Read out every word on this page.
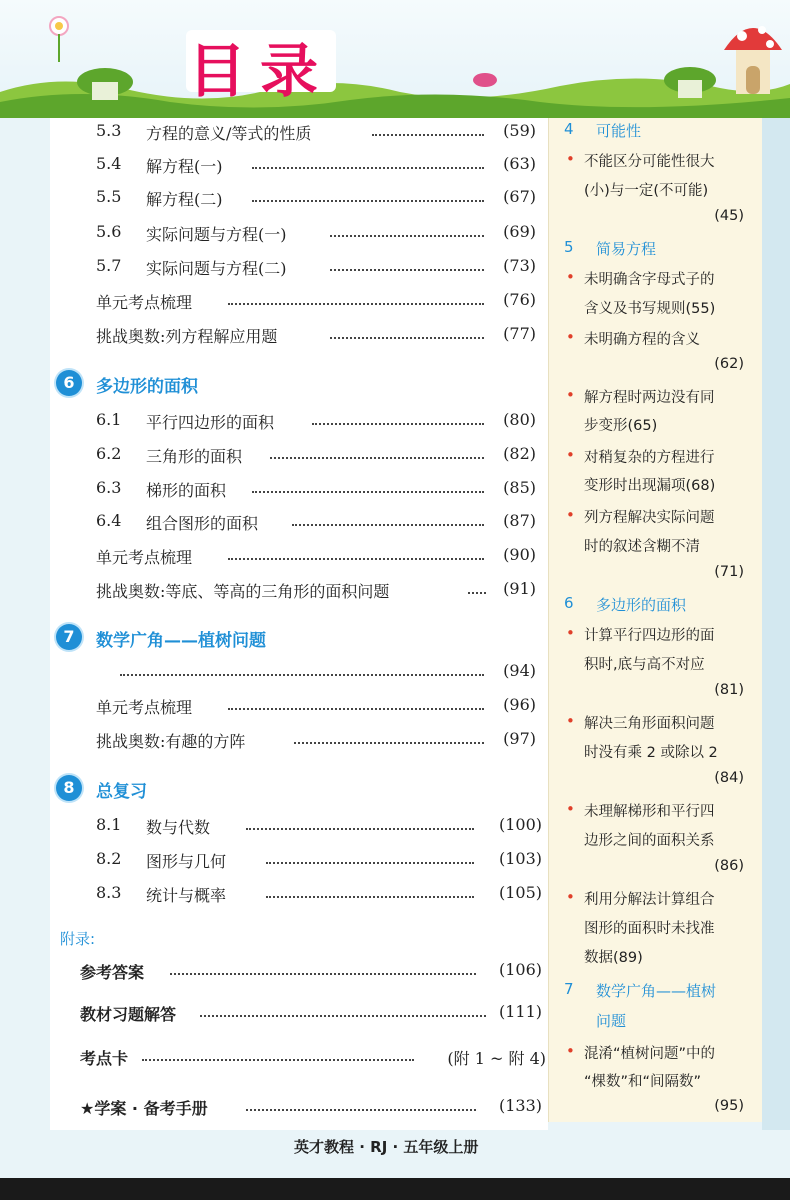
目录
5.3 方程的意义/等式的性质	(59)
5.4 解方程(一)	(63)
5.5 解方程(二)	(67)
5.6 实际问题与方程(一)	(69)
5.7 实际问题与方程(二)	(73)
单元考点梳理	(76)
挑战奥数:列方程解应用题	(77)
6	多边形的面积
6.1 平行四边形的面积	(80)
6.2 三角形的面积	(82)
6.3 梯形的面积	(85)
6.4 组合图形的面积	(87)
单元考点梳理	(90)
挑战奥数:等底、等高的三角形的面积问题	(91)
7	数学广角——植树问题
(94)
单元考点梳理	(96)
挑战奥数:有趣的方阵	(97)
8	总复习
8.1 数与代数	(100)
8.2 图形与几何	(103)
8.3 统计与概率	(105)
附录:
参考答案	(106)
教材习题解答	(111)
考点卡	(附 1 ~ 附 4)
★学案 · 备考手册	(133)
4 可能性
• 不能区分可能性很大
(小)与一定(不可能)
(45)
5 简易方程
• 未明确含字母式子的
含义及书写规则(55)
• 未明确方程的含义
(62)
• 解方程时两边没有同
步变形(65)
• 对稍复杂的方程进行
变形时出现漏项(68)
• 列方程解决实际问题
时的叙述含糊不清
(71)
6 多边形的面积
• 计算平行四边形的面
积时,底与高不对应
(81)
• 解决三角形面积问题
时没有乘 2 或除以 2
(84)
• 未理解梯形和平行四
边形之间的面积关系
(86)
• 利用分解法计算组合
图形的面积时未找准
数据(89)
7 数学广角——植树
问题
• 混淆“植树问题”中的
“棵数”和“间隔数”
(95)
英才教程 · RJ · 五年级上册
